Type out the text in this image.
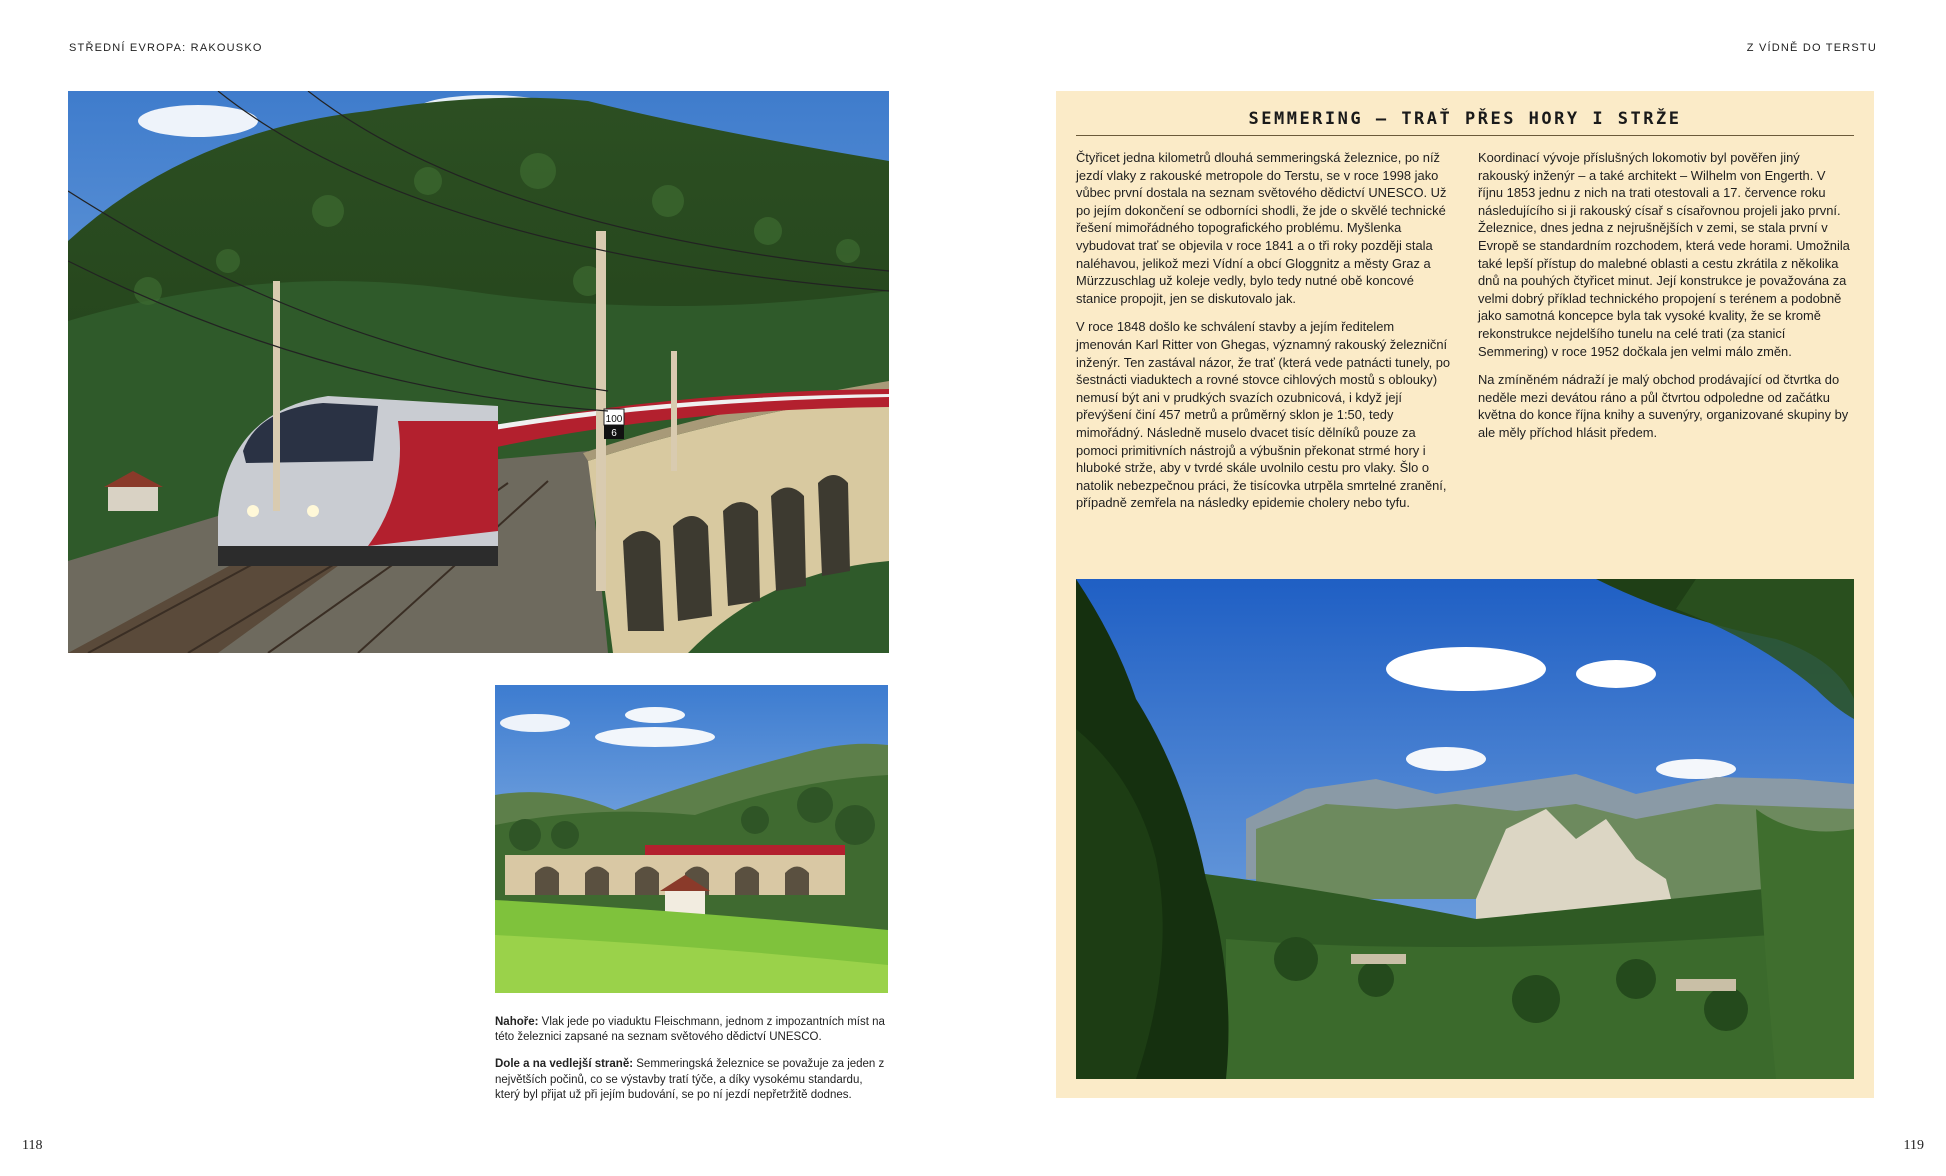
STŘEDNÍ EVROPA: RAKOUSKO	Z VÍDNĚ DO TERSTU
100
6

Nahoře: Vlak jede po viaduktu Fleischmann, jednom z impozantních míst na této železnici zapsané na seznam světového dědictví UNESCO.

Dole a na vedlejší straně: Semmeringská železnice se považuje za jeden z největších počinů, co se výstavby tratí týče, a díky vysokému standardu, který byl přijat už při jejím budování, se po ní jezdí nepřetržitě dodnes.

SEMMERING – TRAŤ PŘES HORY I STRŽE

Čtyřicet jedna kilometrů dlouhá semmeringská železnice, po níž jezdí vlaky z rakouské metropole do Terstu, se v roce 1998 jako vůbec první dostala na seznam světového dědictví UNESCO. Už po jejím dokončení se odborníci shodli, že jde o skvělé technické řešení mimořádného topografického problému. Myšlenka vybudovat trať se objevila v roce 1841 a o tři roky později stala naléhavou, jelikož mezi Vídní a obcí Gloggnitz a městy Graz a Mürzzuschlag už koleje vedly, bylo tedy nutné obě koncové stanice propojit, jen se diskutovalo jak.

V roce 1848 došlo ke schválení stavby a jejím ředitelem jmenován Karl Ritter von Ghegas, významný rakouský železniční inženýr. Ten zastával názor, že trať (která vede patnácti tunely, po šestnácti viaduktech a rovné stovce cihlových mostů s oblouky) nemusí být ani v prudkých svazích ozubnicová, i když její převýšení činí 457 metrů a průměrný sklon je 1:50, tedy mimořádný. Následně muselo dvacet tisíc dělníků pouze za pomoci primitivních nástrojů a výbušnin překonat strmé hory i hluboké strže, aby v tvrdé skále uvolnilo cestu pro vlaky. Šlo o natolik nebezpečnou práci, že tisícovka utrpěla smrtelné zranění, případně zemřela na následky epidemie cholery nebo tyfu.

Koordinací vývoje příslušných lokomotiv byl pověřen jiný rakouský inženýr – a také architekt – Wilhelm von Engerth. V říjnu 1853 jednu z nich na trati otestovali a 17. července roku následujícího si ji rakouský císař s císařovnou projeli jako první. Železnice, dnes jedna z nejrušnějších v zemi, se stala první v Evropě se standardním rozchodem, která vede horami. Umožnila také lepší přístup do malebné oblasti a cestu zkrátila z několika dnů na pouhých čtyřicet minut. Její konstrukce je považována za velmi dobrý příklad technického propojení s terénem a podobně jako samotná koncepce byla tak vysoké kvality, že se kromě rekonstrukce nejdelšího tunelu na celé trati (za stanicí Semmering) v roce 1952 dočkala jen velmi málo změn.

Na zmíněném nádraží je malý obchod prodávající od čtvrtka do neděle mezi devátou ráno a půl čtvrtou odpoledne od začátku května do konce října knihy a suvenýry, organizované skupiny by ale měly příchod hlásit předem.

118	119
